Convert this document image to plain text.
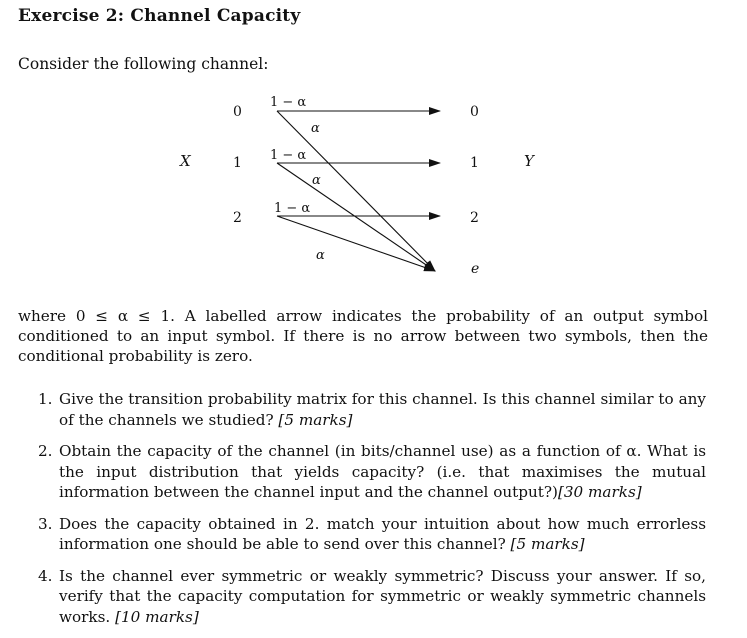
Exercise 2: Channel Capacity
Consider the following channel:
X	Y
0
1
2
0
1
2
e
1 − α
1 − α
1 − α
α
α
α
where 0 ≤ α ≤ 1. A labelled arrow indicates the probability of an output symbol conditioned to an input symbol. If there is no arrow between two symbols, then the conditional probability is zero.
1. Give the transition probability matrix for this channel. Is this channel similar to any of the channels we studied? [5 marks]
2. Obtain the capacity of the channel (in bits/channel use) as a function of α. What is the input distribution that yields capacity? (i.e. that maximises the mutual information between the channel input and the channel output?)[30 marks]
3. Does the capacity obtained in 2. match your intuition about how much errorless information one should be able to send over this channel? [5 marks]
4. Is the channel ever symmetric or weakly symmetric? Discuss your answer. If so, verify that the capacity computation for symmetric or weakly symmetric channels works. [10 marks]
